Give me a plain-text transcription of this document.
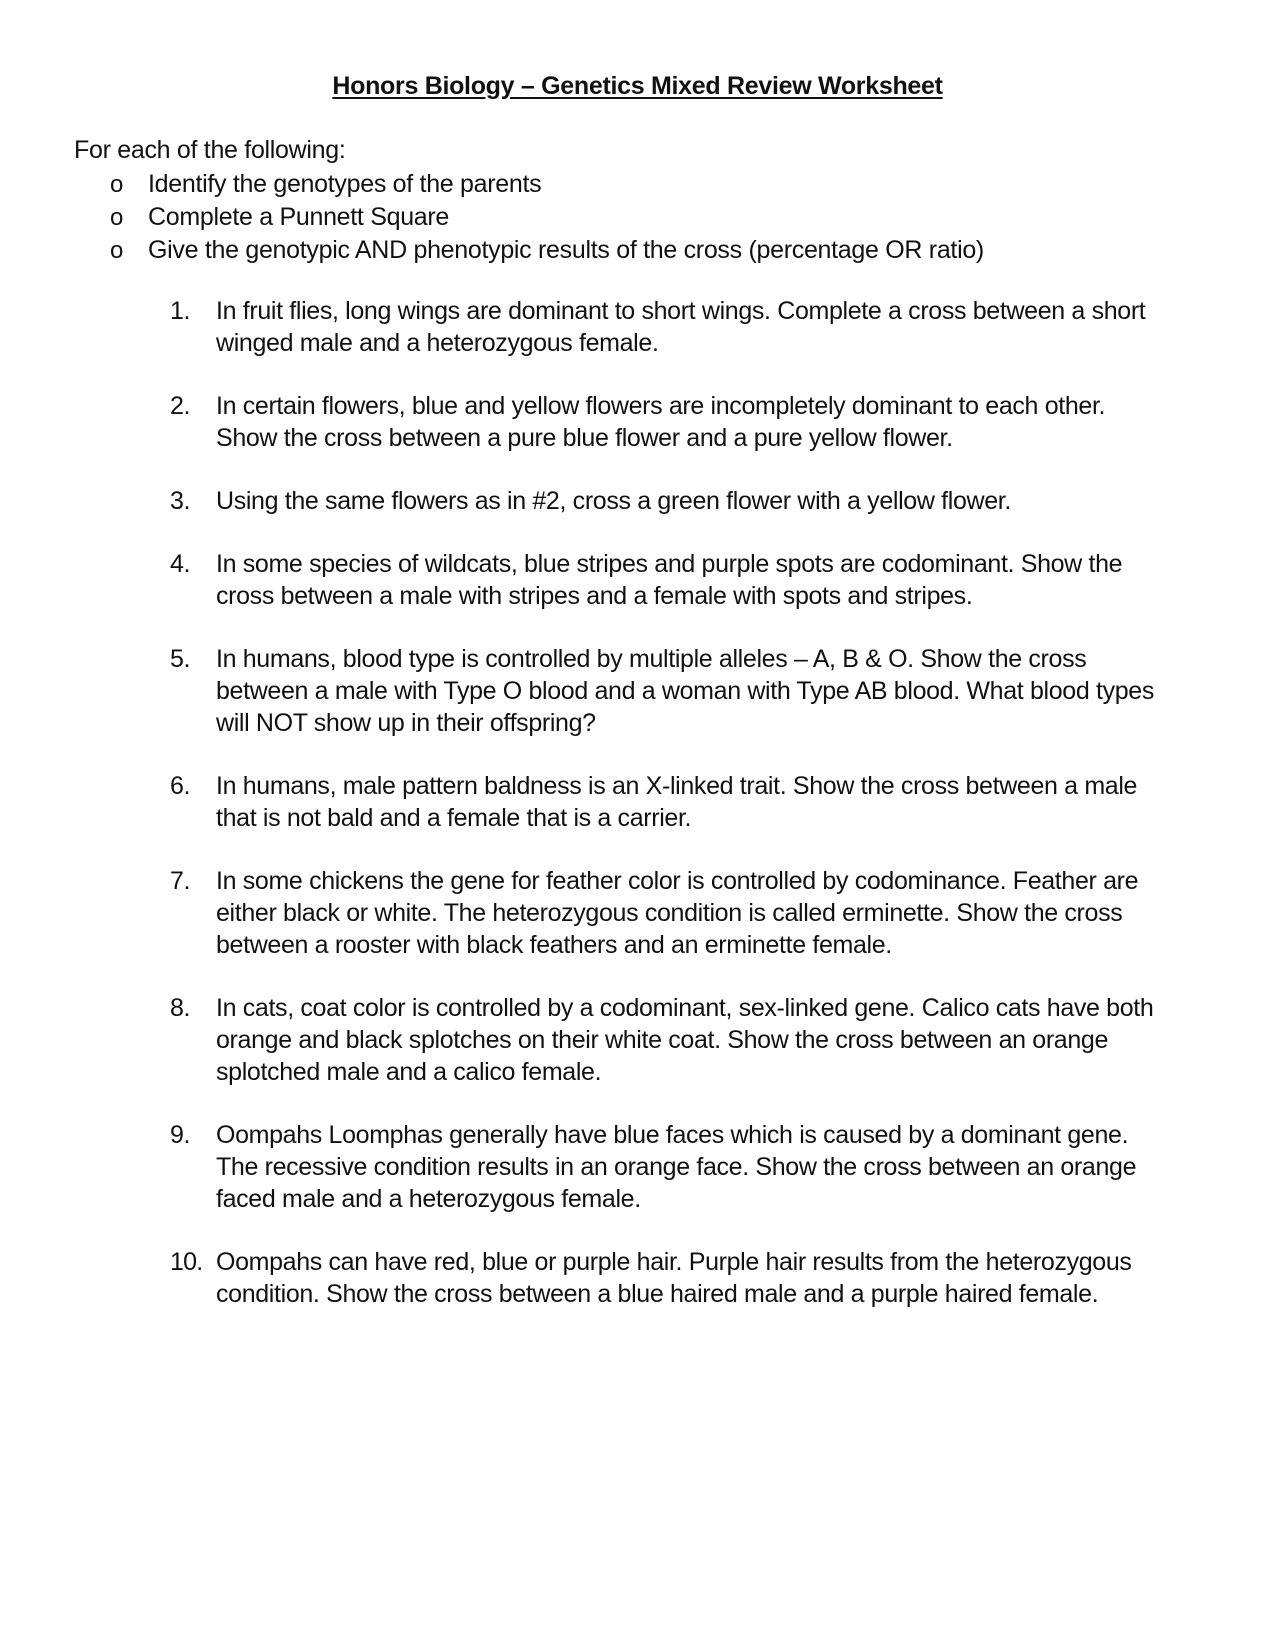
Honors Biology – Genetics Mixed Review Worksheet
For each of the following:
o Identify the genotypes of the parents
o Complete a Punnett Square
o Give the genotypic AND phenotypic results of the cross (percentage OR ratio)
1.	In fruit flies, long wings are dominant to short wings. Complete a cross between a short winged male and a heterozygous female.
2.	In certain flowers, blue and yellow flowers are incompletely dominant to each other. Show the cross between a pure blue flower and a pure yellow flower.
3.	Using the same flowers as in #2, cross a green flower with a yellow flower.
4.	In some species of wildcats, blue stripes and purple spots are codominant. Show the cross between a male with stripes and a female with spots and stripes.
5.	In humans, blood type is controlled by multiple alleles – A, B & O. Show the cross between a male with Type O blood and a woman with Type AB blood. What blood types will NOT show up in their offspring?
6.	In humans, male pattern baldness is an X-linked trait. Show the cross between a male that is not bald and a female that is a carrier.
7.	In some chickens the gene for feather color is controlled by codominance. Feather are either black or white. The heterozygous condition is called erminette. Show the cross between a rooster with black feathers and an erminette female.
8.	In cats, coat color is controlled by a codominant, sex-linked gene. Calico cats have both orange and black splotches on their white coat. Show the cross between an orange splotched male and a calico female.
9.	Oompahs Loomphas generally have blue faces which is caused by a dominant gene. The recessive condition results in an orange face. Show the cross between an orange faced male and a heterozygous female.
10. Oompahs can have red, blue or purple hair. Purple hair results from the heterozygous condition. Show the cross between a blue haired male and a purple haired female.
